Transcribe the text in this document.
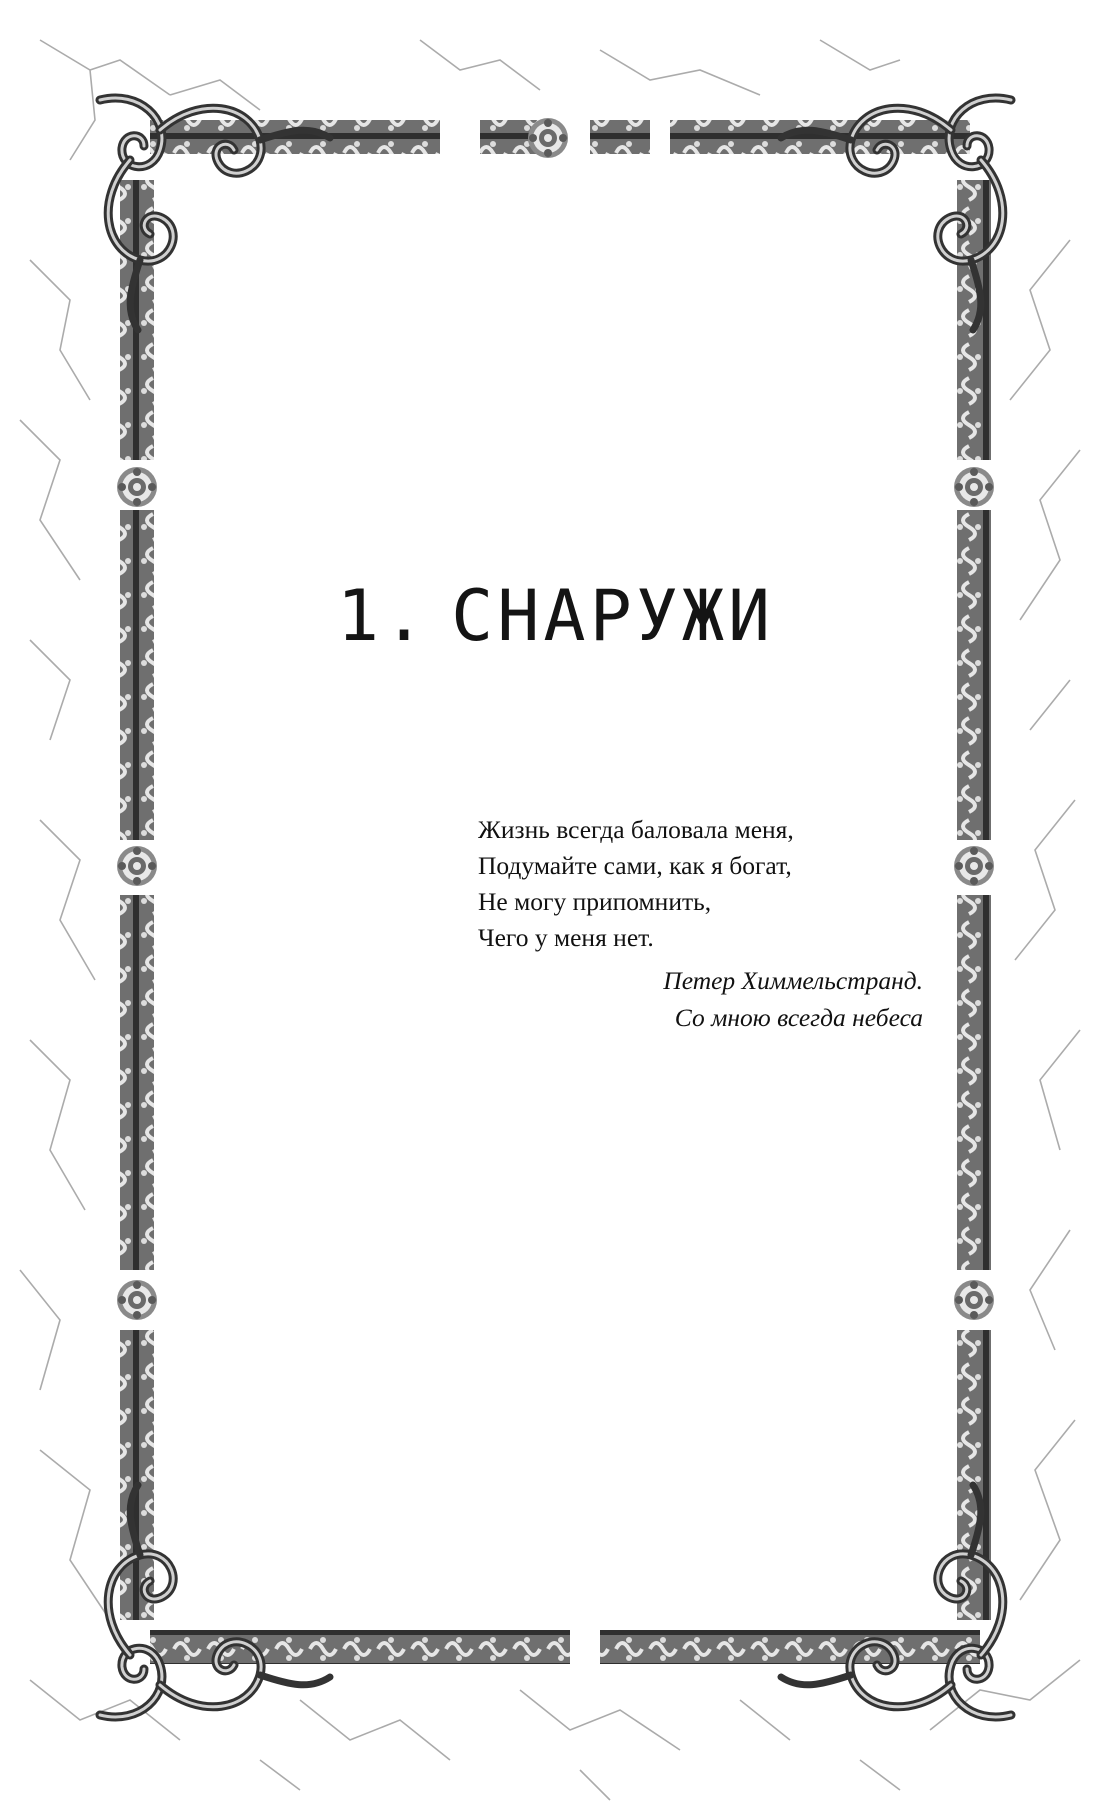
1. СНАРУЖИ
Жизнь всегда баловала меня,
Подумайте сами, как я богат,
Не могу припомнить,
Чего у меня нет.
Петер Химмельстранд.
Со мною всегда небеса
